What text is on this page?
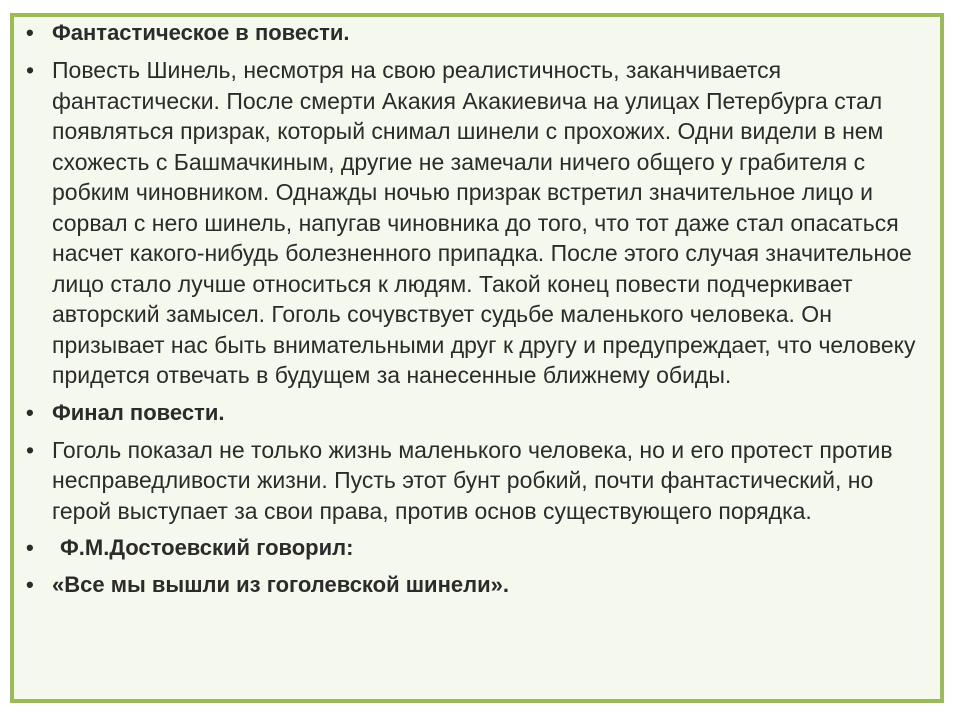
• Фантастическое в повести.
• Повесть Шинель, несмотря на свою реалистичность, заканчивается фантастически. После смерти Акакия Акакиевича на улицах Петербурга стал появляться призрак, который снимал шинели с прохожих. Одни видели в нем схожесть с Башмачкиным, другие не замечали ничего общего у грабителя с робким чиновником. Однажды ночью призрак встретил значительное лицо и сорвал с него шинель, напугав чиновника до того, что тот даже стал опасаться насчет какого-нибудь болезненного припадка. После этого случая значительное лицо стало лучше относиться к людям. Такой конец повести подчеркивает авторский замысел. Гоголь сочувствует судьбе маленького человека. Он призывает нас быть внимательными друг к другу и предупреждает, что человеку придется отвечать в будущем за нанесенные ближнему обиды.
• Финал повести.
• Гоголь показал не только жизнь маленького человека, но и его протест против несправедливости жизни. Пусть этот бунт робкий, почти фантастический, но герой выступает за свои права, против основ существующего порядка.
• Ф.М.Достоевский говорил:
• «Все мы вышли из гоголевской шинели».
